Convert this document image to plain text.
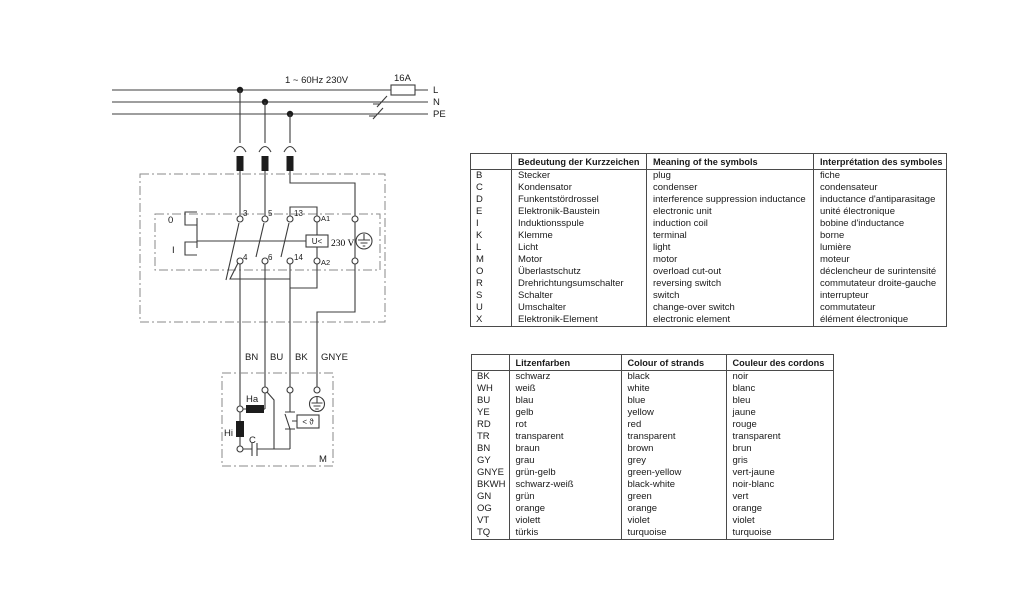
1 ~ 60Hz 230V	16A
L
N
PE
0
I
3	5	13
A1
4	6	14
A2
U< 230 V
BN BU BK GNYE
Ha
Hi
C
< ϑ
M
	Bedeutung der Kurzzeichen	Meaning of the symbols	Interprétation des symboles
B	Stecker	plug	fiche
C	Kondensator	condenser	condensateur
D	Funkentstördrossel	interference suppression inductance	inductance d'antiparasitage
E	Elektronik-Baustein	electronic unit	unité électronique
I	Induktionsspule	induction coil	bobine d'inductance
K	Klemme	terminal	borne
L	Licht	light	lumière
M	Motor	motor	moteur
O	Überlastschutz	overload cut-out	déclencheur de surintensité
R	Drehrichtungsumschalter	reversing switch	commutateur droite-gauche
S	Schalter	switch	interrupteur
U	Umschalter	change-over switch	commutateur
X	Elektronik-Element	electronic element	élément électronique
	Litzenfarben	Colour of strands	Couleur des cordons
BK	schwarz	black	noir
WH	weiß	white	blanc
BU	blau	blue	bleu
YE	gelb	yellow	jaune
RD	rot	red	rouge
TR	transparent	transparent	transparent
BN	braun	brown	brun
GY	grau	grey	gris
GNYE	grün-gelb	green-yellow	vert-jaune
BKWH	schwarz-weiß	black-white	noir-blanc
GN	grün	green	vert
OG	orange	orange	orange
VT	violett	violet	violet
TQ	türkis	turquoise	turquoise
